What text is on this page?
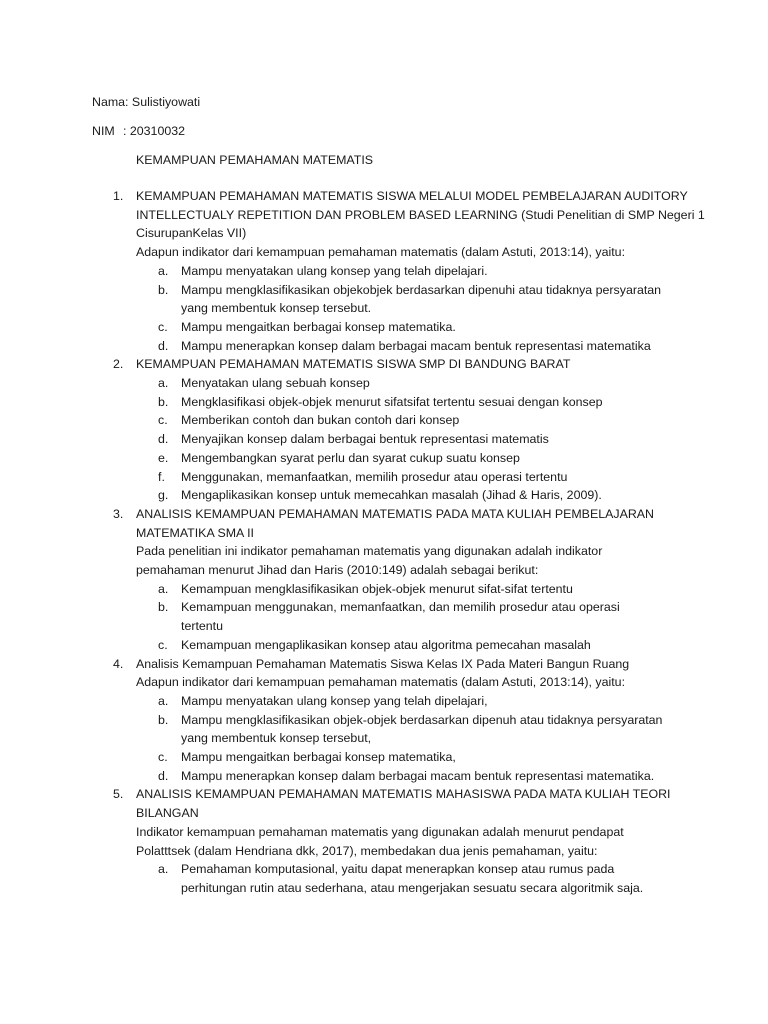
Nama: Sulistiyowati
NIM : 20310032
KEMAMPUAN PEMAHAMAN MATEMATIS
1. KEMAMPUAN PEMAHAMAN MATEMATIS SISWA MELALUI MODEL PEMBELAJARAN AUDITORY
INTELLECTUALY REPETITION DAN PROBLEM BASED LEARNING (Studi Penelitian di SMP Negeri 1
CisurupanKelas VII)
Adapun indikator dari kemampuan pemahaman matematis (dalam Astuti, 2013:14), yaitu:
a. Mampu menyatakan ulang konsep yang telah dipelajari.
b. Mampu mengklasifikasikan objekobjek berdasarkan dipenuhi atau tidaknya persyaratan
yang membentuk konsep tersebut.
c. Mampu mengaitkan berbagai konsep matematika.
d. Mampu menerapkan konsep dalam berbagai macam bentuk representasi matematika
2. KEMAMPUAN PEMAHAMAN MATEMATIS SISWA SMP DI BANDUNG BARAT
a. Menyatakan ulang sebuah konsep
b. Mengklasifikasi objek-objek menurut sifatsifat tertentu sesuai dengan konsep
c. Memberikan contoh dan bukan contoh dari konsep
d. Menyajikan konsep dalam berbagai bentuk representasi matematis
e. Mengembangkan syarat perlu dan syarat cukup suatu konsep
f. Menggunakan, memanfaatkan, memilih prosedur atau operasi tertentu
g. Mengaplikasikan konsep untuk memecahkan masalah (Jihad & Haris, 2009).
3. ANALISIS KEMAMPUAN PEMAHAMAN MATEMATIS PADA MATA KULIAH PEMBELAJARAN
MATEMATIKA SMA II
Pada penelitian ini indikator pemahaman matematis yang digunakan adalah indikator
pemahaman menurut Jihad dan Haris (2010:149) adalah sebagai berikut:
a. Kemampuan mengklasifikasikan objek-objek menurut sifat-sifat tertentu
b. Kemampuan menggunakan, memanfaatkan, dan memilih prosedur atau operasi
tertentu
c. Kemampuan mengaplikasikan konsep atau algoritma pemecahan masalah
4. Analisis Kemampuan Pemahaman Matematis Siswa Kelas IX Pada Materi Bangun Ruang
Adapun indikator dari kemampuan pemahaman matematis (dalam Astuti, 2013:14), yaitu:
a. Mampu menyatakan ulang konsep yang telah dipelajari,
b. Mampu mengklasifikasikan objek-objek berdasarkan dipenuh atau tidaknya persyaratan
yang membentuk konsep tersebut,
c. Mampu mengaitkan berbagai konsep matematika,
d. Mampu menerapkan konsep dalam berbagai macam bentuk representasi matematika.
5. ANALISIS KEMAMPUAN PEMAHAMAN MATEMATIS MAHASISWA PADA MATA KULIAH TEORI
BILANGAN
Indikator kemampuan pemahaman matematis yang digunakan adalah menurut pendapat
Polatttsek (dalam Hendriana dkk, 2017), membedakan dua jenis pemahaman, yaitu:
a. Pemahaman komputasional, yaitu dapat menerapkan konsep atau rumus pada
perhitungan rutin atau sederhana, atau mengerjakan sesuatu secara algoritmik saja.
